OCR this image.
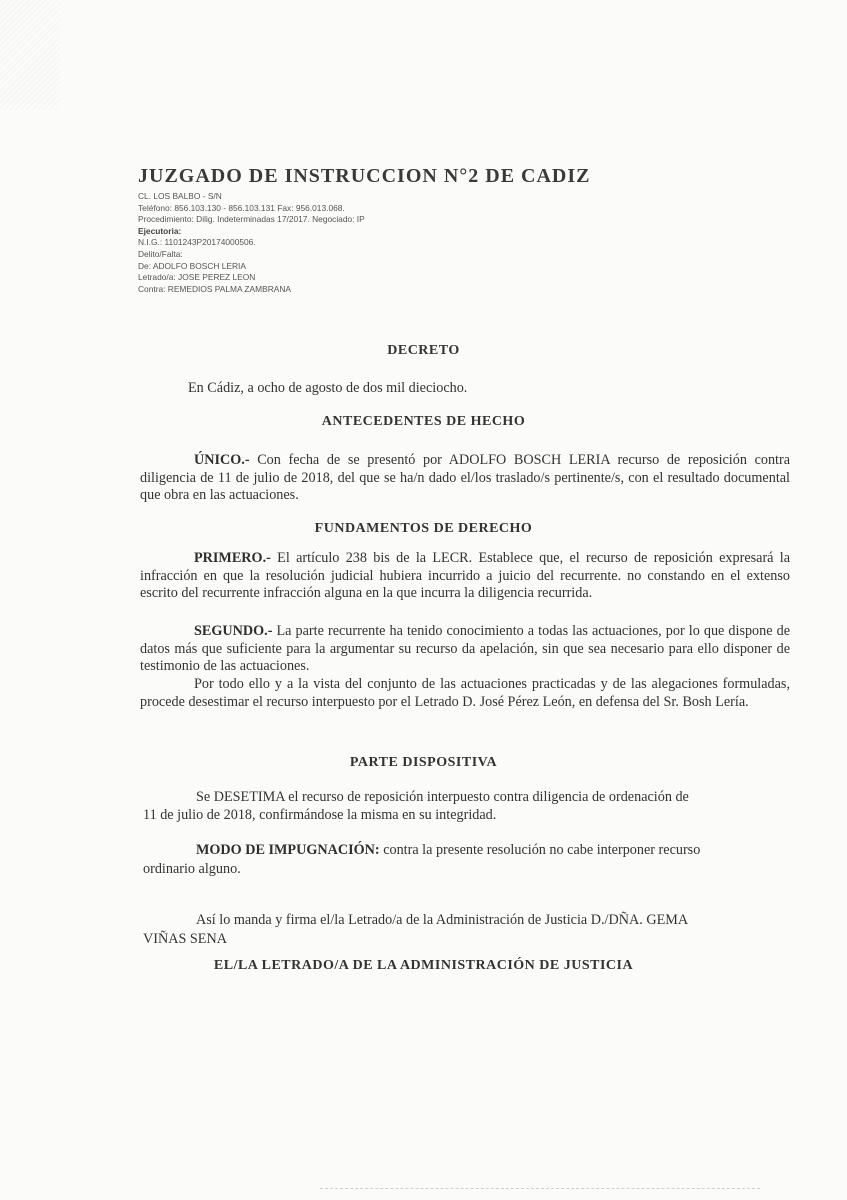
JUZGADO DE INSTRUCCION N°2 DE CADIZ
CL. LOS BALBO - S/N
Teléfono: 856.103.130 - 856.103.131 Fax: 956.013.068.
Procedimiento: Dilig. Indeterminadas 17/2017. Negociado: IP
Ejecutoria:
N.I.G.: 1101243P20174000506.
Delito/Falta:
De: ADOLFO BOSCH LERIA
Letrado/a: JOSE PEREZ LEON
Contra: REMEDIOS PALMA ZAMBRANA
DECRETO
En Cádiz, a ocho de agosto de dos mil dieciocho.
ANTECEDENTES DE HECHO
ÚNICO.- Con fecha de se presentó por ADOLFO BOSCH LERIA recurso de reposición contra diligencia de 11 de julio de 2018, del que se ha/n dado el/los traslado/s pertinente/s, con el resultado documental que obra en las actuaciones.
FUNDAMENTOS DE DERECHO
PRIMERO.- El artículo 238 bis de la LECR. Establece que, el recurso de reposición expresará la infracción en que la resolución judicial hubiera incurrido a juicio del recurrente. no constando en el extenso escrito del recurrente infracción alguna en la que incurra la diligencia recurrida.
SEGUNDO.- La parte recurrente ha tenido conocimiento a todas las actuaciones, por lo que dispone de datos más que suficiente para la argumentar su recurso da apelación, sin que sea necesario para ello disponer de testimonio de las actuaciones.
Por todo ello y a la vista del conjunto de las actuaciones practicadas y de las alegaciones formuladas, procede desestimar el recurso interpuesto por el Letrado D. José Pérez León, en defensa del Sr. Bosh Lería.
PARTE DISPOSITIVA
Se DESETIMA el recurso de reposición interpuesto contra diligencia de ordenación de
11 de julio de 2018, confirmándose la misma en su integridad.
MODO DE IMPUGNACIÓN: contra la presente resolución no cabe interponer recurso
ordinario alguno.
Así lo manda y firma el/la Letrado/a de la Administración de Justicia D./DÑA. GEMA
VIÑAS SENA
EL/LA LETRADO/A DE LA ADMINISTRACIÓN DE JUSTICIA
